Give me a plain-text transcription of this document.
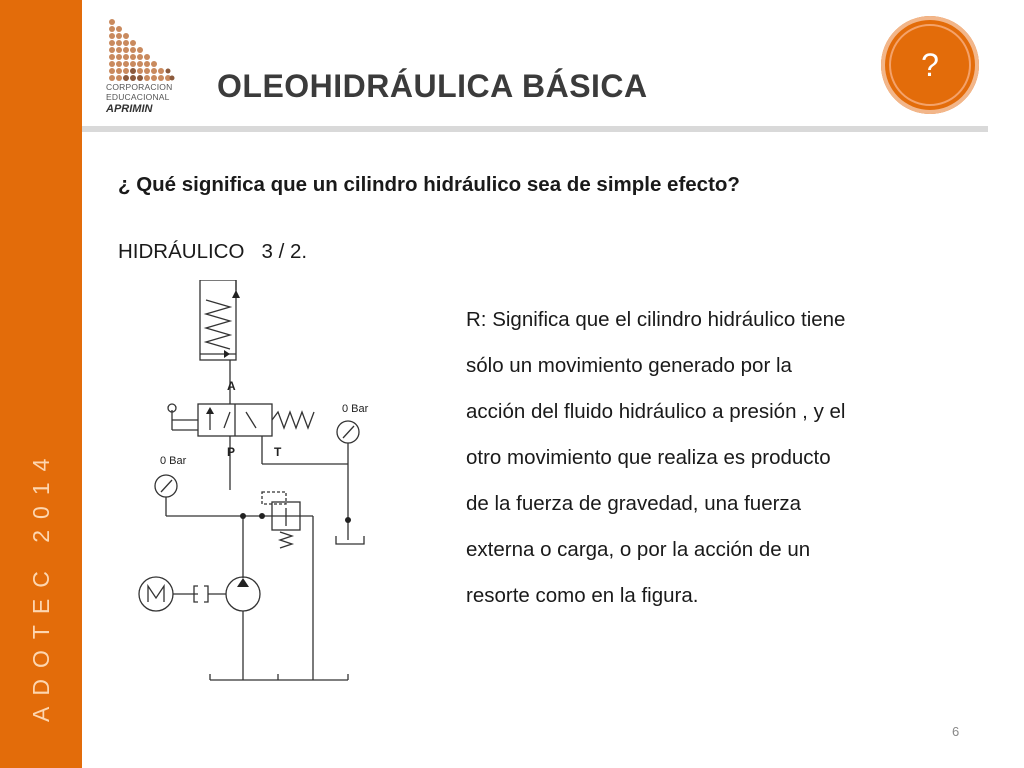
ADOTEC 2014
CORPORACION
EDUCACIONAL
APRIMIN
OLEOHIDRÁULICA BÁSICA
?
¿ Qué significa que un cilindro hidráulico sea de simple efecto?
HIDRÁULICO   3 / 2.
A
P	T
0 Bar
0 Bar
R: Significa que el cilindro hidráulico tiene
sólo un movimiento generado por la
acción del fluido hidráulico a presión , y el
otro movimiento que realiza es producto
de la fuerza de gravedad, una fuerza
externa o carga, o por la acción de un
resorte como en la figura.
6
